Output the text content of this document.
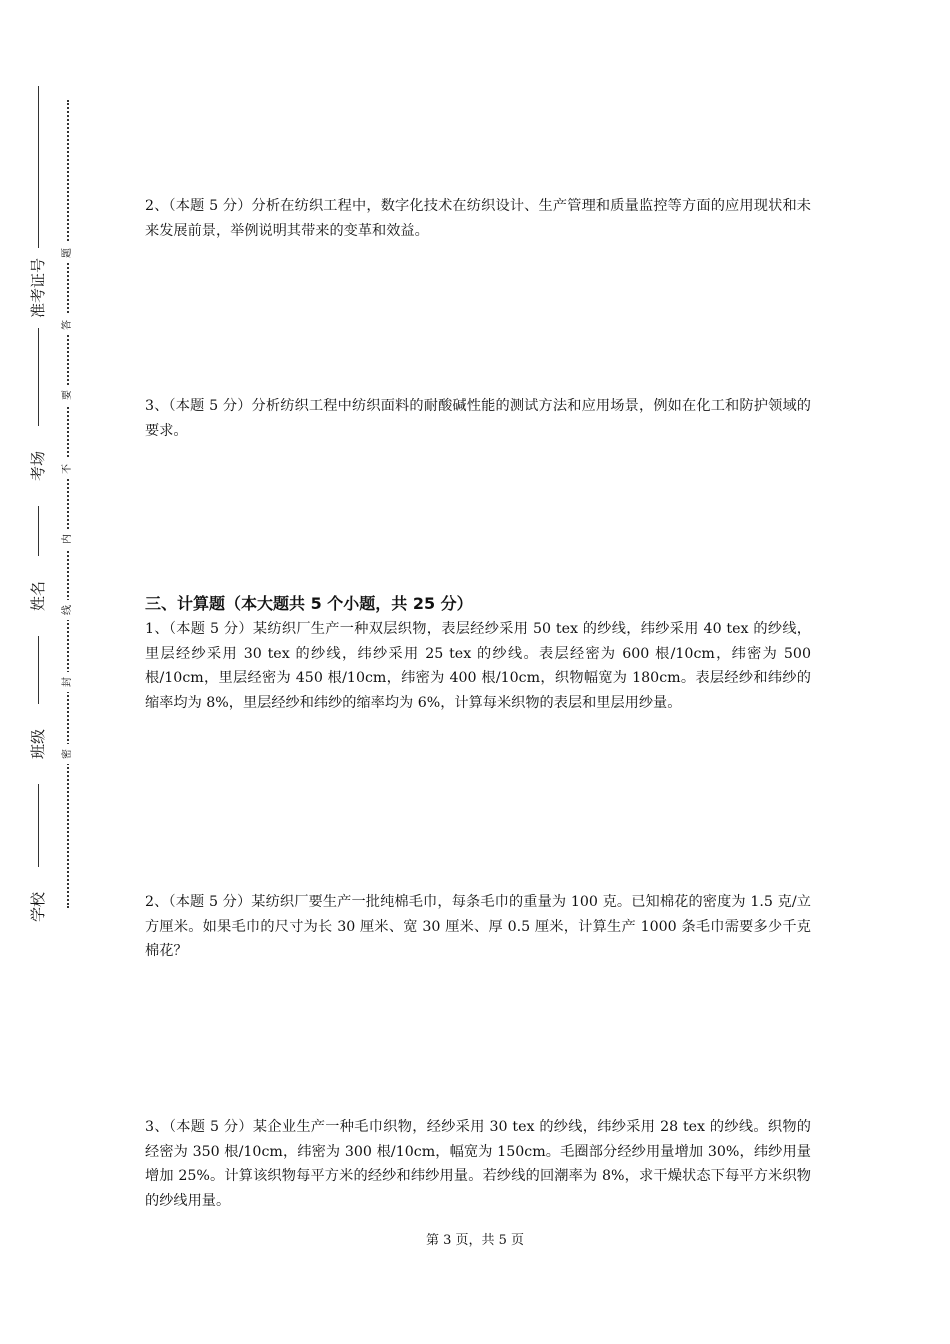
准考证号
考场
姓名
班级
学校
题
答
要
不
内
线
封
密
2、（本题 5 分）分析在纺织工程中，数字化技术在纺织设计、生产管理和质量监控等方面的应用现状和未来发展前景，举例说明其带来的变革和效益。
3、（本题 5 分）分析纺织工程中纺织面料的耐酸碱性能的测试方法和应用场景，例如在化工和防护领域的要求。
三、计算题（本大题共 5 个小题，共 25 分）
1、（本题 5 分）某纺织厂生产一种双层织物，表层经纱采用 50 tex 的纱线，纬纱采用 40 tex 的纱线，里层经纱采用 30 tex 的纱线，纬纱采用 25 tex 的纱线。表层经密为 600 根/10cm，纬密为 500 根/10cm，里层经密为 450 根/10cm，纬密为 400 根/10cm，织物幅宽为 180cm。表层经纱和纬纱的缩率均为 8%，里层经纱和纬纱的缩率均为 6%，计算每米织物的表层和里层用纱量。
2、（本题 5 分）某纺织厂要生产一批纯棉毛巾，每条毛巾的重量为 100 克。已知棉花的密度为 1.5 克/立方厘米。如果毛巾的尺寸为长 30 厘米、宽 30 厘米、厚 0.5 厘米，计算生产 1000 条毛巾需要多少千克棉花？
3、（本题 5 分）某企业生产一种毛巾织物，经纱采用 30 tex 的纱线，纬纱采用 28 tex 的纱线。织物的经密为 350 根/10cm，纬密为 300 根/10cm，幅宽为 150cm。毛圈部分经纱用量增加 30%，纬纱用量增加 25%。计算该织物每平方米的经纱和纬纱用量。若纱线的回潮率为 8%，求干燥状态下每平方米织物的纱线用量。
第 3 页，共 5 页
